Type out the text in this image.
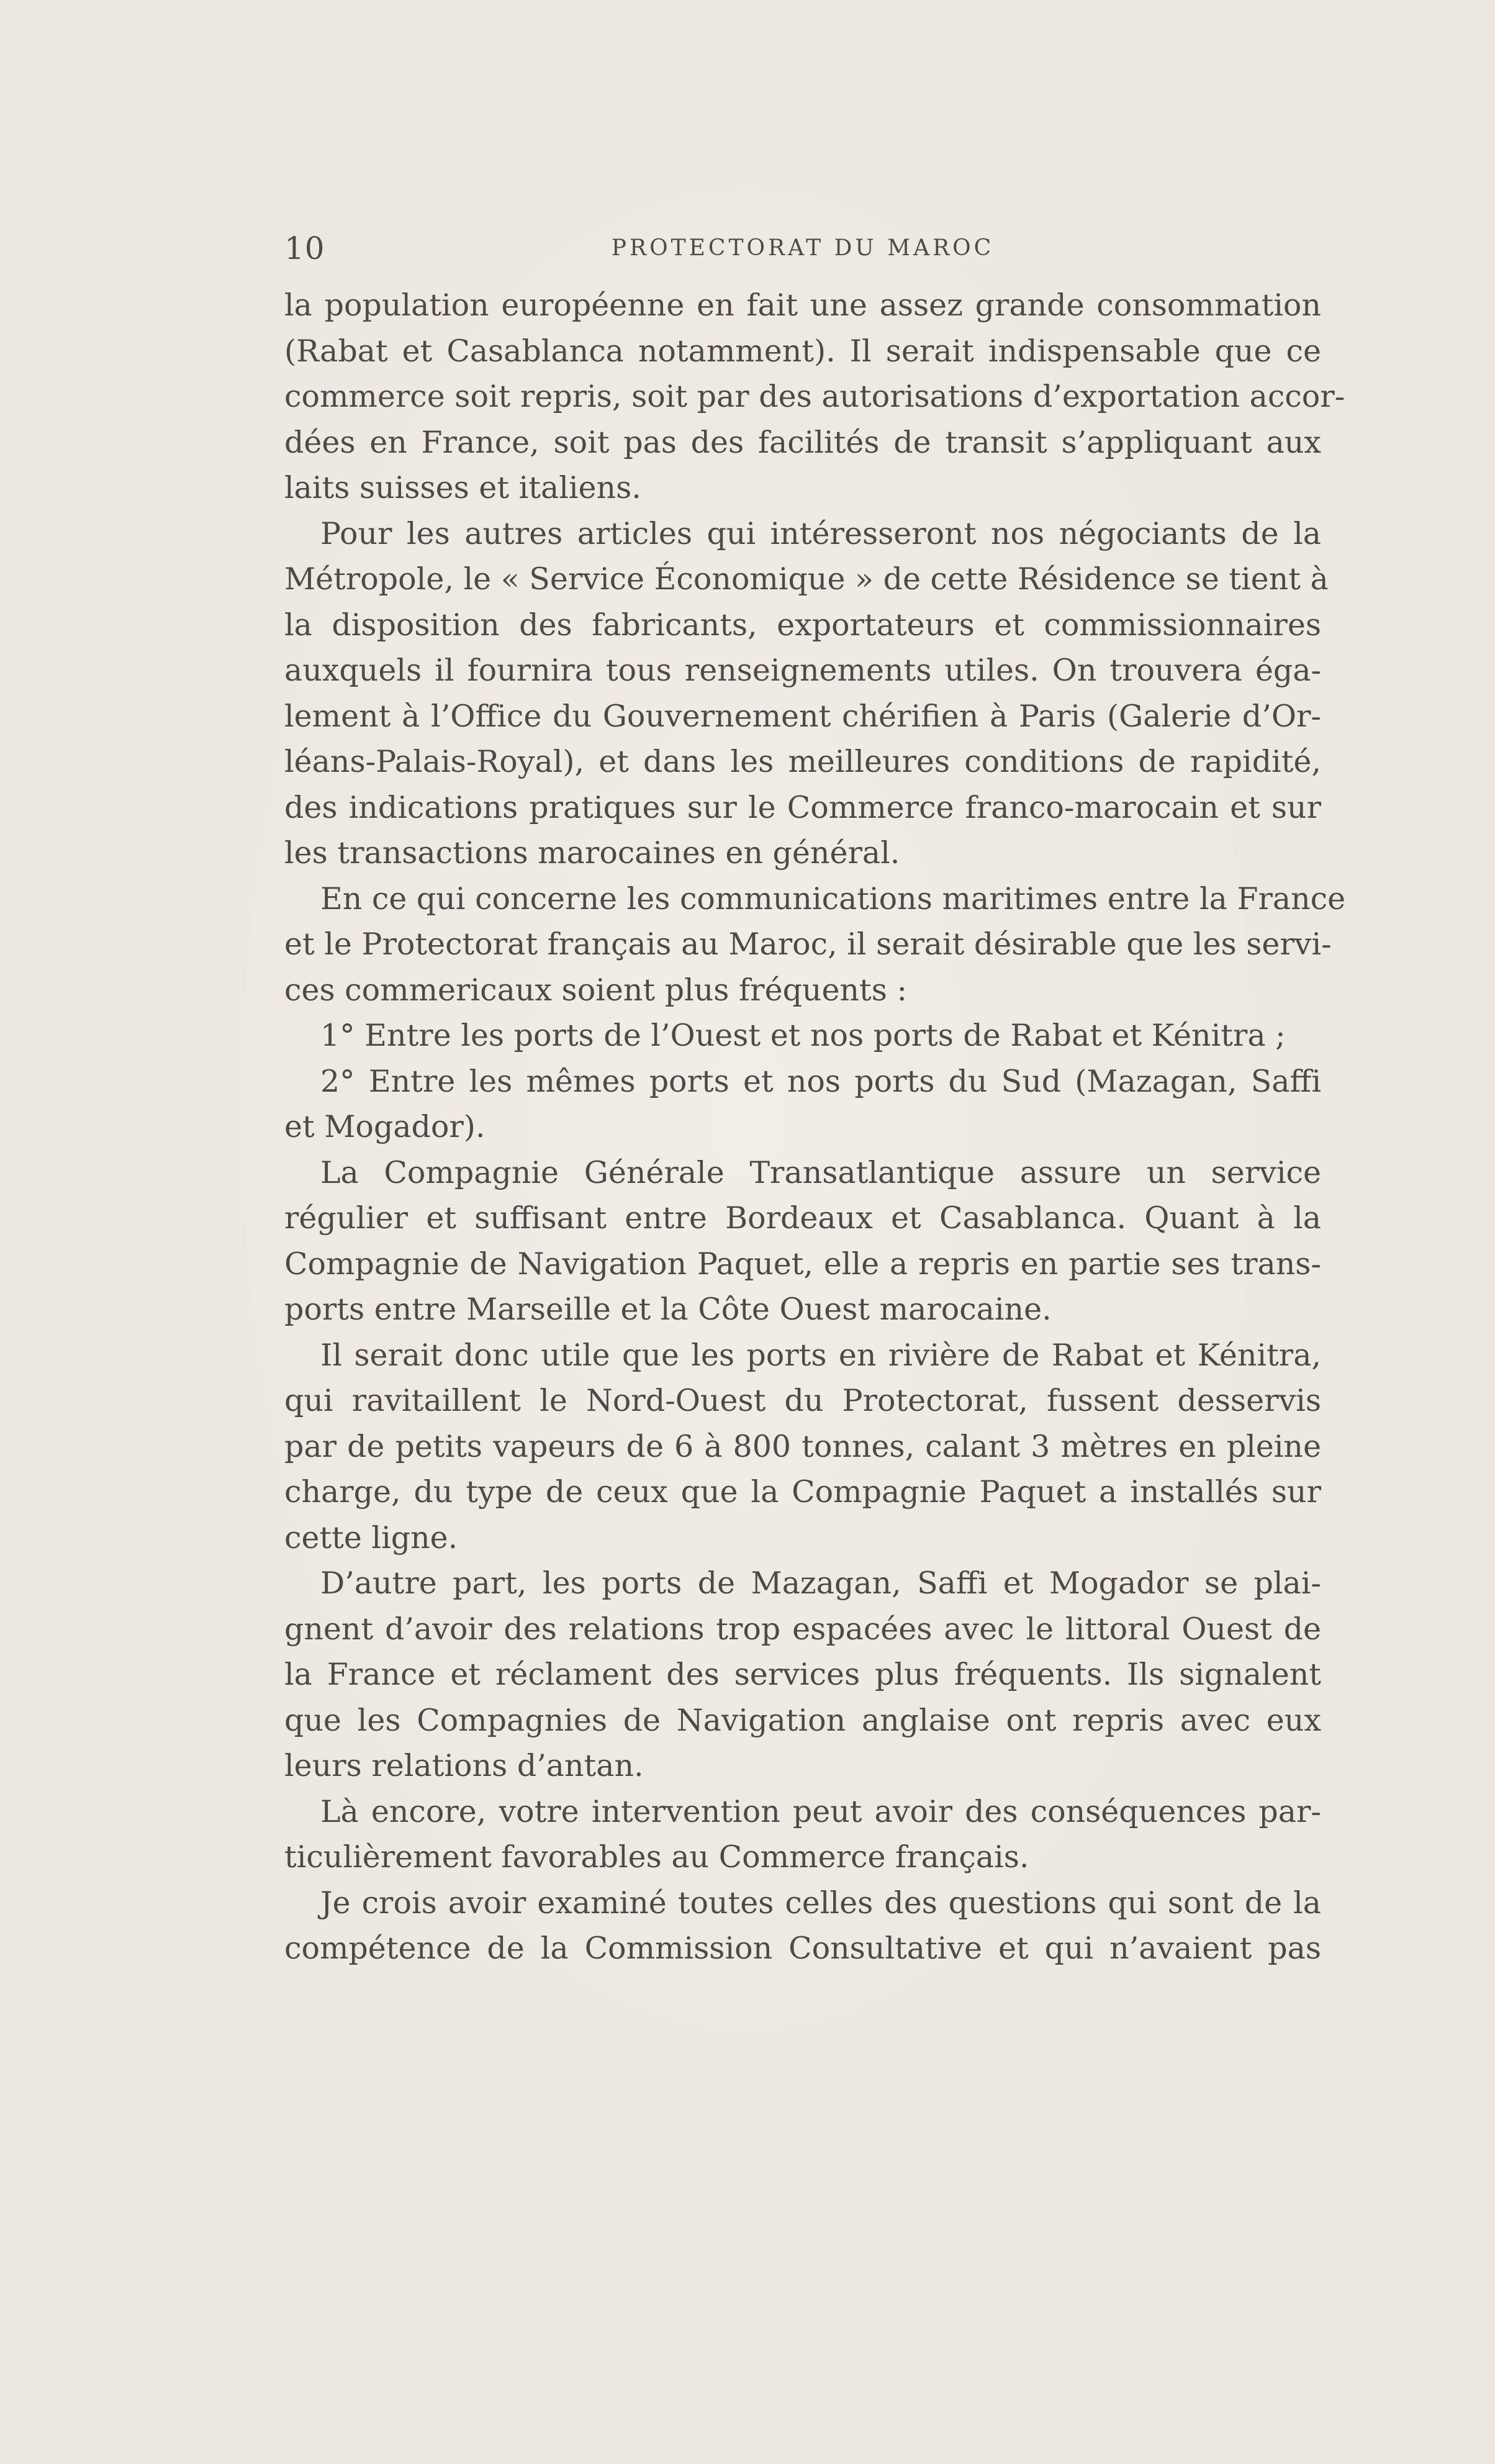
10	PROTECTORAT DU MAROC
la population européenne en fait une assez grande consommation
(Rabat et Casablanca notamment). Il serait indispensable que ce
commerce soit repris, soit par des autorisations d’exportation accor-
dées en France, soit pas des facilités de transit s’appliquant aux
laits suisses et italiens.
Pour les autres articles qui intéresseront nos négociants de la
Métropole, le « Service Économique » de cette Résidence se tient à
la disposition des fabricants, exportateurs et commissionnaires
auxquels il fournira tous renseignements utiles. On trouvera éga-
lement à l’Office du Gouvernement chérifien à Paris (Galerie d’Or-
léans-Palais-Royal), et dans les meilleures conditions de rapidité,
des indications pratiques sur le Commerce franco-marocain et sur
les transactions marocaines en général.
En ce qui concerne les communications maritimes entre la France
et le Protectorat français au Maroc, il serait désirable que les servi-
ces commericaux soient plus fréquents :
1° Entre les ports de l’Ouest et nos ports de Rabat et Kénitra ;
2° Entre les mêmes ports et nos ports du Sud (Mazagan, Saffi
et Mogador).
La Compagnie Générale Transatlantique assure un service
régulier et suffisant entre Bordeaux et Casablanca. Quant à la
Compagnie de Navigation Paquet, elle a repris en partie ses trans-
ports entre Marseille et la Côte Ouest marocaine.
Il serait donc utile que les ports en rivière de Rabat et Kénitra,
qui ravitaillent le Nord-Ouest du Protectorat, fussent desservis
par de petits vapeurs de 6 à 800 tonnes, calant 3 mètres en pleine
charge, du type de ceux que la Compagnie Paquet a installés sur
cette ligne.
D’autre part, les ports de Mazagan, Saffi et Mogador se plai-
gnent d’avoir des relations trop espacées avec le littoral Ouest de
la France et réclament des services plus fréquents. Ils signalent
que les Compagnies de Navigation anglaise ont repris avec eux
leurs relations d’antan.
Là encore, votre intervention peut avoir des conséquences par-
ticulièrement favorables au Commerce français.
Je crois avoir examiné toutes celles des questions qui sont de la
compétence de la Commission Consultative et qui n’avaient pas
